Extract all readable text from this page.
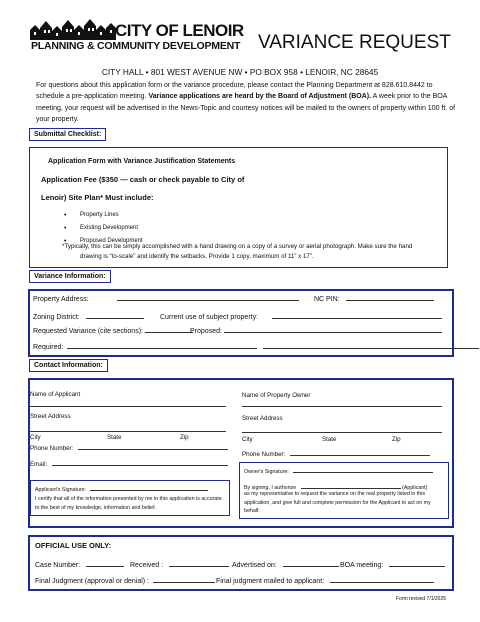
CITY OF LENOIR
PLANNING & COMMUNITY DEVELOPMENT VARIANCE REQUEST
CITY HALL • 801 WEST AVENUE NW • PO BOX 958 • LENOIR, NC 28645
For questions about this application form or the variance procedure, please contact the Planning Department at 828.610.8442 to schedule a pre-application meeting. Variance applications are heard by the Board of Adjustment (BOA). A week prior to the BOA meeting, your request will be advertised in the News-Topic and courtesy notices will be mailed to the owners of property within 100 ft. of your property.
Submittal Checklist:
Application Form with Variance Justification Statements
Application Fee ($350 — cash or check payable to City of
Lenoir) Site Plan* Must include:
• Property Lines
• Existing Development
• Proposed Development
*Typically, this can be simply accomplished with a hand drawing on a copy of a survey or aerial photograph. Make sure the hand
drawing is “to-scale” and identify the setbacks. Provide 1 copy, maximum of 11” x 17”.
Variance Information:
Property Address:	NC PIN:
Zoning District:	Current use of subject property:
Requested Variance (cite sections):	Proposed:
Required:
Contact Information:
Name of Applicant
Street Address
City	State	Zip
Phone Number:
Email:
Name of Property Owner
Street Address
City	State	Zip
Phone Number:
Owner's Signature:
By signing, I authorize	(Applicant)
as my representative to request the variance on the real property listed in this application, and give full and complete permission for the Applicant to act on my behalf.
Applicant's Signature:
I certify that all of the information presented by me in this application is accurate to the best of my knowledge, information and belief.
OFFICIAL USE ONLY:
Case Number:	Received :	Advertised on:	BOA meeting:
Final Judgment (approval or denial) :	Final judgment mailed to applicant:
Form revised 7/1/2025
